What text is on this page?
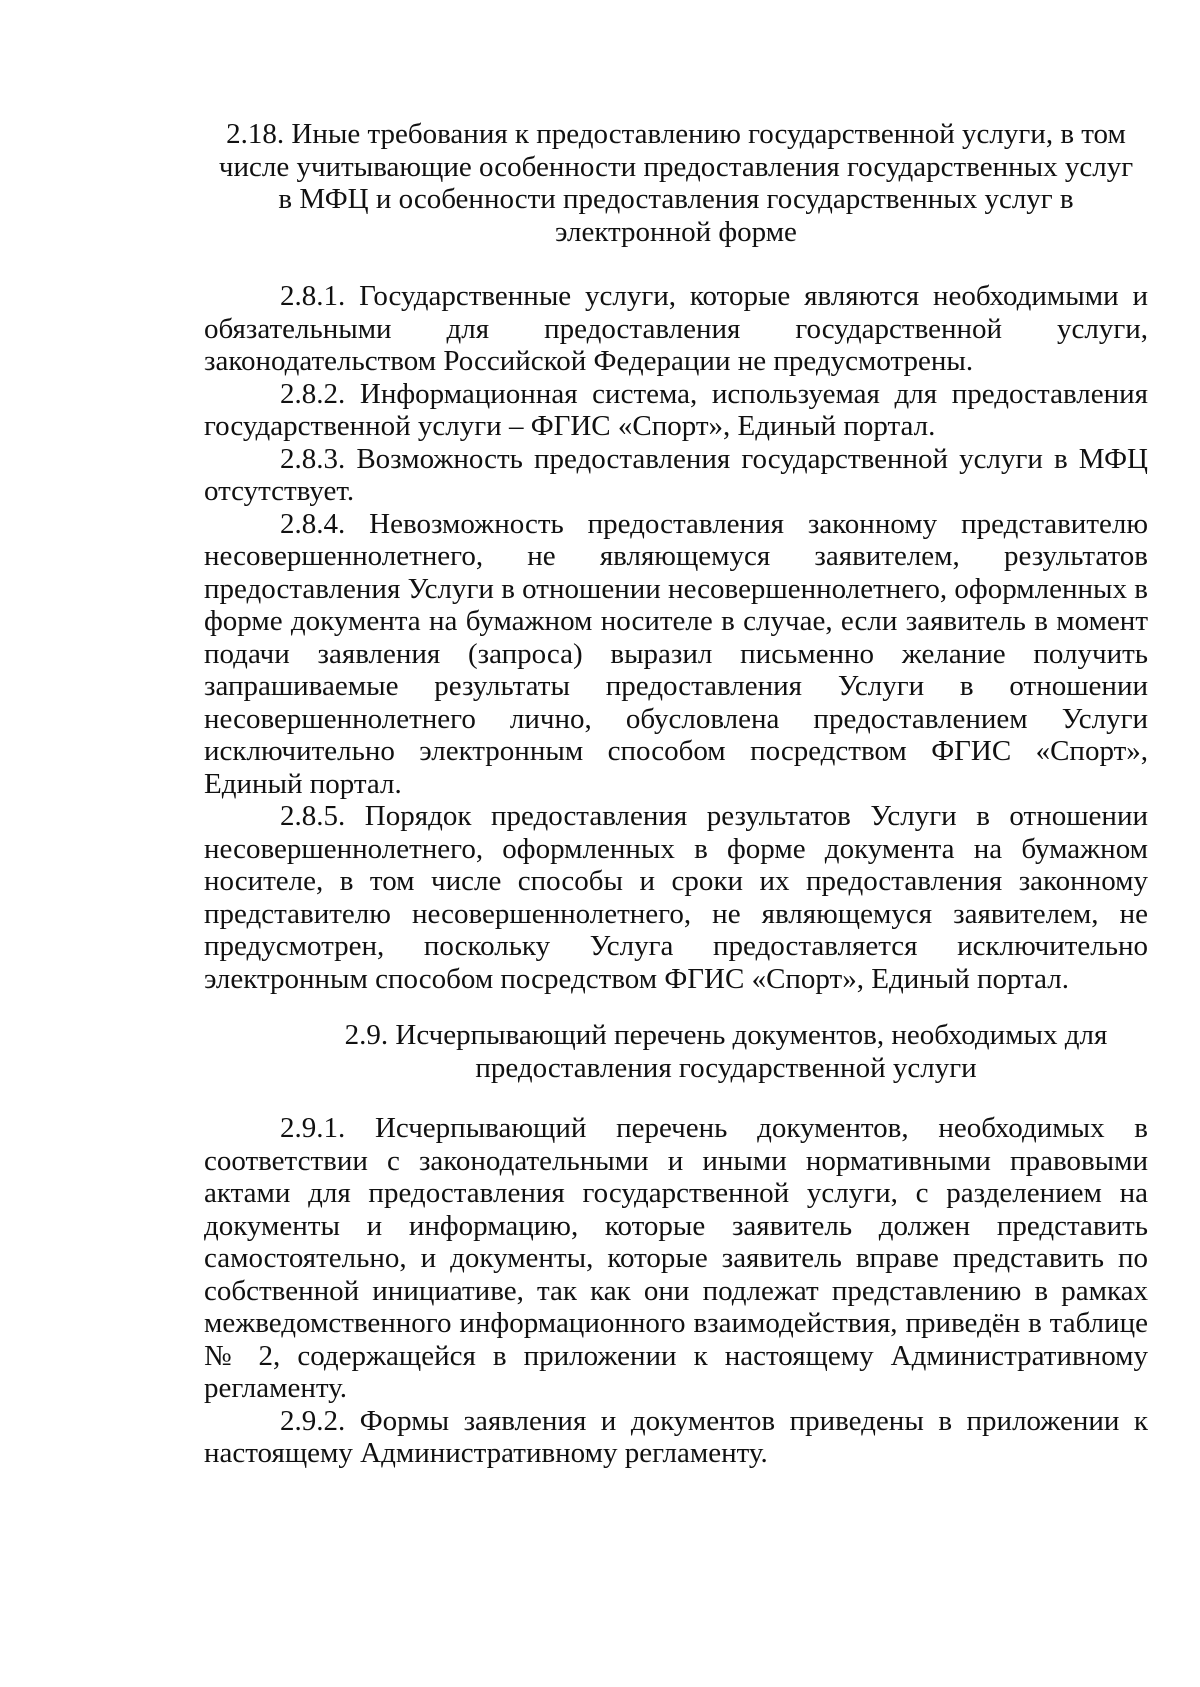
2.18. Иные требования к предоставлению государственной услуги, в том числе учитывающие особенности предоставления государственных услуг в МФЦ и особенности предоставления государственных услуг в электронной форме

2.8.1. Государственные услуги, которые являются необходимыми и обязательными для предоставления государственной услуги, законодательством Российской Федерации не предусмотрены.

2.8.2. Информационная система, используемая для предоставления государственной услуги – ФГИС «Спорт», Единый портал.

2.8.3. Возможность предоставления государственной услуги в МФЦ отсутствует.

2.8.4. Невозможность предоставления законному представителю несовершеннолетнего, не являющемуся заявителем, результатов предоставления Услуги в отношении несовершеннолетнего, оформленных в форме документа на бумажном носителе в случае, если заявитель в момент подачи заявления (запроса) выразил письменно желание получить запрашиваемые результаты предоставления Услуги в отношении несовершеннолетнего лично, обусловлена предоставлением Услуги исключительно электронным способом посредством ФГИС «Спорт», Единый портал.

2.8.5. Порядок предоставления результатов Услуги в отношении несовершеннолетнего, оформленных в форме документа на бумажном носителе, в том числе способы и сроки их предоставления законному представителю несовершеннолетнего, не являющемуся заявителем, не предусмотрен, поскольку Услуга предоставляется исключительно электронным способом посредством ФГИС «Спорт», Единый портал.

2.9. Исчерпывающий перечень документов, необходимых для предоставления государственной услуги

2.9.1. Исчерпывающий перечень документов, необходимых в соответствии с законодательными и иными нормативными правовыми актами для предоставления государственной услуги, с разделением на документы и информацию, которые заявитель должен представить самостоятельно, и документы, которые заявитель вправе представить по собственной инициативе, так как они подлежат представлению в рамках межведомственного информационного взаимодействия, приведён в таблице № 2, содержащейся в приложении к настоящему Административному регламенту.

2.9.2. Формы заявления и документов приведены в приложении к настоящему Административному регламенту.
